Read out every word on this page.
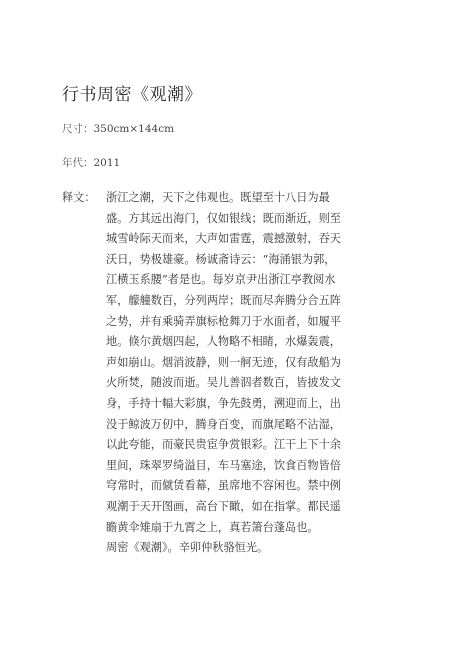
行书周密《观潮》
尺寸：350cm×144cm
年代：2011
释文： 浙江之潮，天下之伟观也。既望至十八日为最
盛。方其远出海门，仅如银线；既而渐近，则至
城雪岭际天而来，大声如雷霆，震撼激射，吞天
沃日，势极雄豪。杨诚斋诗云：“海涌银为郭，
江横玉系腰”者是也。每岁京尹出浙江亭教阅水
军，艨艟数百，分列两岸；既而尽奔腾分合五阵
之势，并有乘骑弄旗标枪舞刀于水面者，如履平
地。倏尔黄烟四起，人物略不相睹，水爆轰震，
声如崩山。烟消波静，则一舸无迹，仅有敌船为
火所焚，随波而逝。吴儿善泅者数百，皆披发文
身，手持十幅大彩旗，争先鼓勇，溯迎而上，出
没于鲸波万仞中，腾身百变，而旗尾略不沾湿，
以此夸能，而豪民贵宦争赏银彩。江干上下十余
里间，珠翠罗绮溢目，车马塞途，饮食百物皆倍
穹常时，而僦赁看幕，虽席地不容闲也。禁中例
观潮于天开图画，高台下瞰，如在指掌。都民遥
瞻黄伞雉扇于九霄之上，真若箫台蓬岛也。
周密《观潮》。辛卯仲秋骆恒光。
